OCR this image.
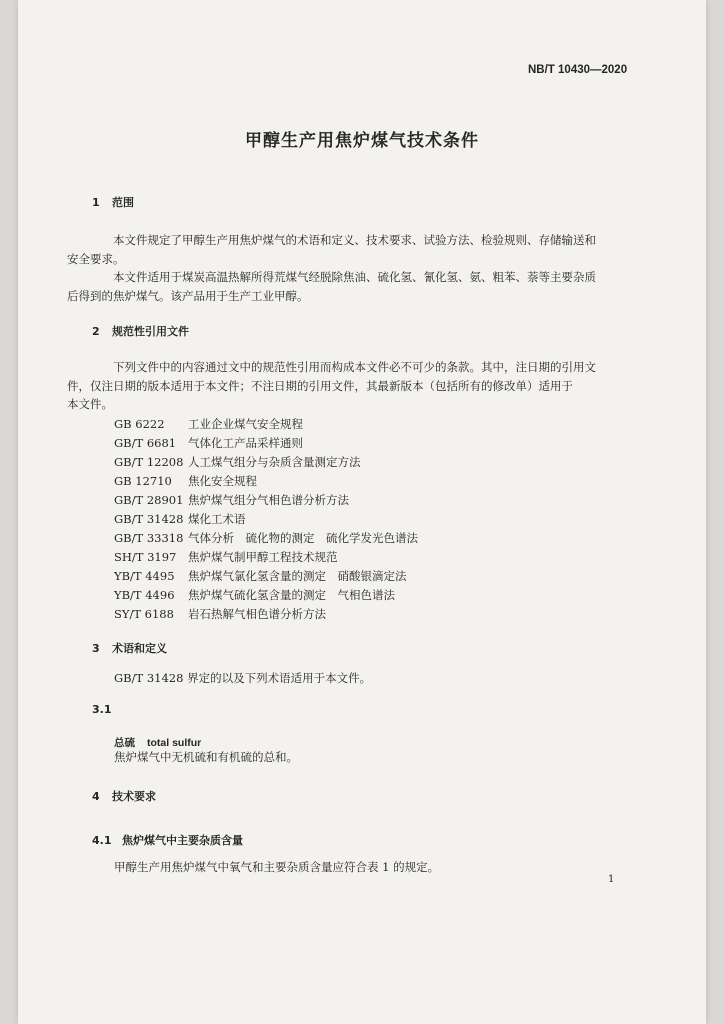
NB/T 10430—2020
甲醇生产用焦炉煤气技术条件
1 范围
本文件规定了甲醇生产用焦炉煤气的术语和定义、技术要求、试验方法、检验规则、存储输送和
安全要求。
本文件适用于煤炭高温热解所得荒煤气经脱除焦油、硫化氢、氰化氢、氨、粗苯、萘等主要杂质
后得到的焦炉煤气。该产品用于生产工业甲醇。
2 规范性引用文件
下列文件中的内容通过文中的规范性引用而构成本文件必不可少的条款。其中，注日期的引用文
件，仅注日期的版本适用于本文件；不注日期的引用文件，其最新版本（包括所有的修改单）适用于
本文件。
GB 6222 工业企业煤气安全规程
GB/T 6681 气体化工产品采样通则
GB/T 12208 人工煤气组分与杂质含量测定方法
GB 12710 焦化安全规程
GB/T 28901 焦炉煤气组分气相色谱分析方法
GB/T 31428 煤化工术语
GB/T 33318 气体分析　硫化物的测定　硫化学发光色谱法
SH/T 3197 焦炉煤气制甲醇工程技术规范
YB/T 4495 焦炉煤气氯化氢含量的测定　硝酸银滴定法
YB/T 4496 焦炉煤气硫化氢含量的测定　气相色谱法
SY/T 6188 岩石热解气相色谱分析方法
3 术语和定义
GB/T 31428 界定的以及下列术语适用于本文件。
3.1
总硫 total sulfur
焦炉煤气中无机硫和有机硫的总和。
4 技术要求
4.1 焦炉煤气中主要杂质含量
甲醇生产用焦炉煤气中氧气和主要杂质含量应符合表 1 的规定。
1
